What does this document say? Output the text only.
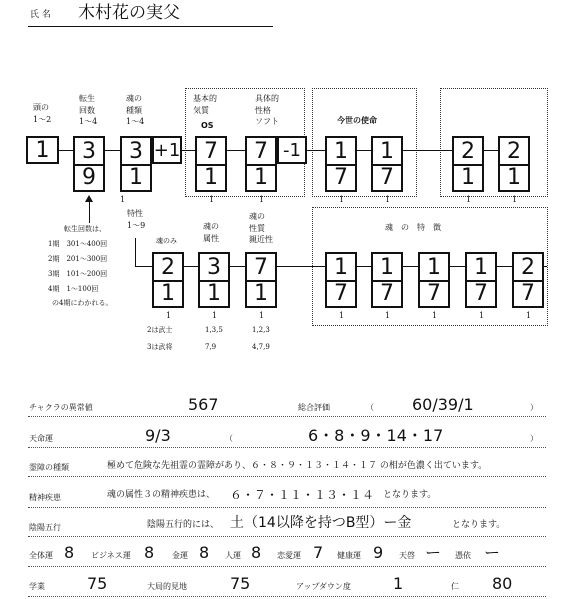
氏 名 木村花の実父
頭の
1～2
転生
回数
1～4
魂の
種類
1～4
基本的
気質
OS
具体的
性格
ソフト	今世の使命
1	3
9
3
1
+1	7
1
7
1
-1	1
7
1
7
2
1
2
1
1	1	1	1	1	1	1
転生回数は、
1期　301～400回
2期　201～300回
3期　101～200回
4期　1～100回
の4期にわかれる。
特性
1～9
魂のみ
魂の
属性
魂の
性質
親近性
魂　の　特　徴
2
1
3
1
7
1
1
7
1
7
1
7
1
7
2
7
1	1	1	1	1	1	1	1
2は武士
3は武将
1,3,5
7,9
1,2,3
4,7,9
チャクラの異常値	567	総合評価	（ 60/39/1	）
天命運	9/3	（	6・8・9・14・17	）
霊障の種類	極めて危険な先祖霊の霊障があり、６・８・９・１３・１４・１７ の相が色濃く出ています。
精神疾患	魂の属性３の精神疾患は、 ６・７・１１・１３・１４ となります。
陰陽五行	陰陽五行的には、 土（14以降を持つB型）ー金	となります。
全体運 8 ビジネス運 8 金運 8 人運 8 恋愛運 7 健康運 9 天啓 ー 憑依 ー
学業	75	大局的見地	75	アップダウン度	1	仁 80
